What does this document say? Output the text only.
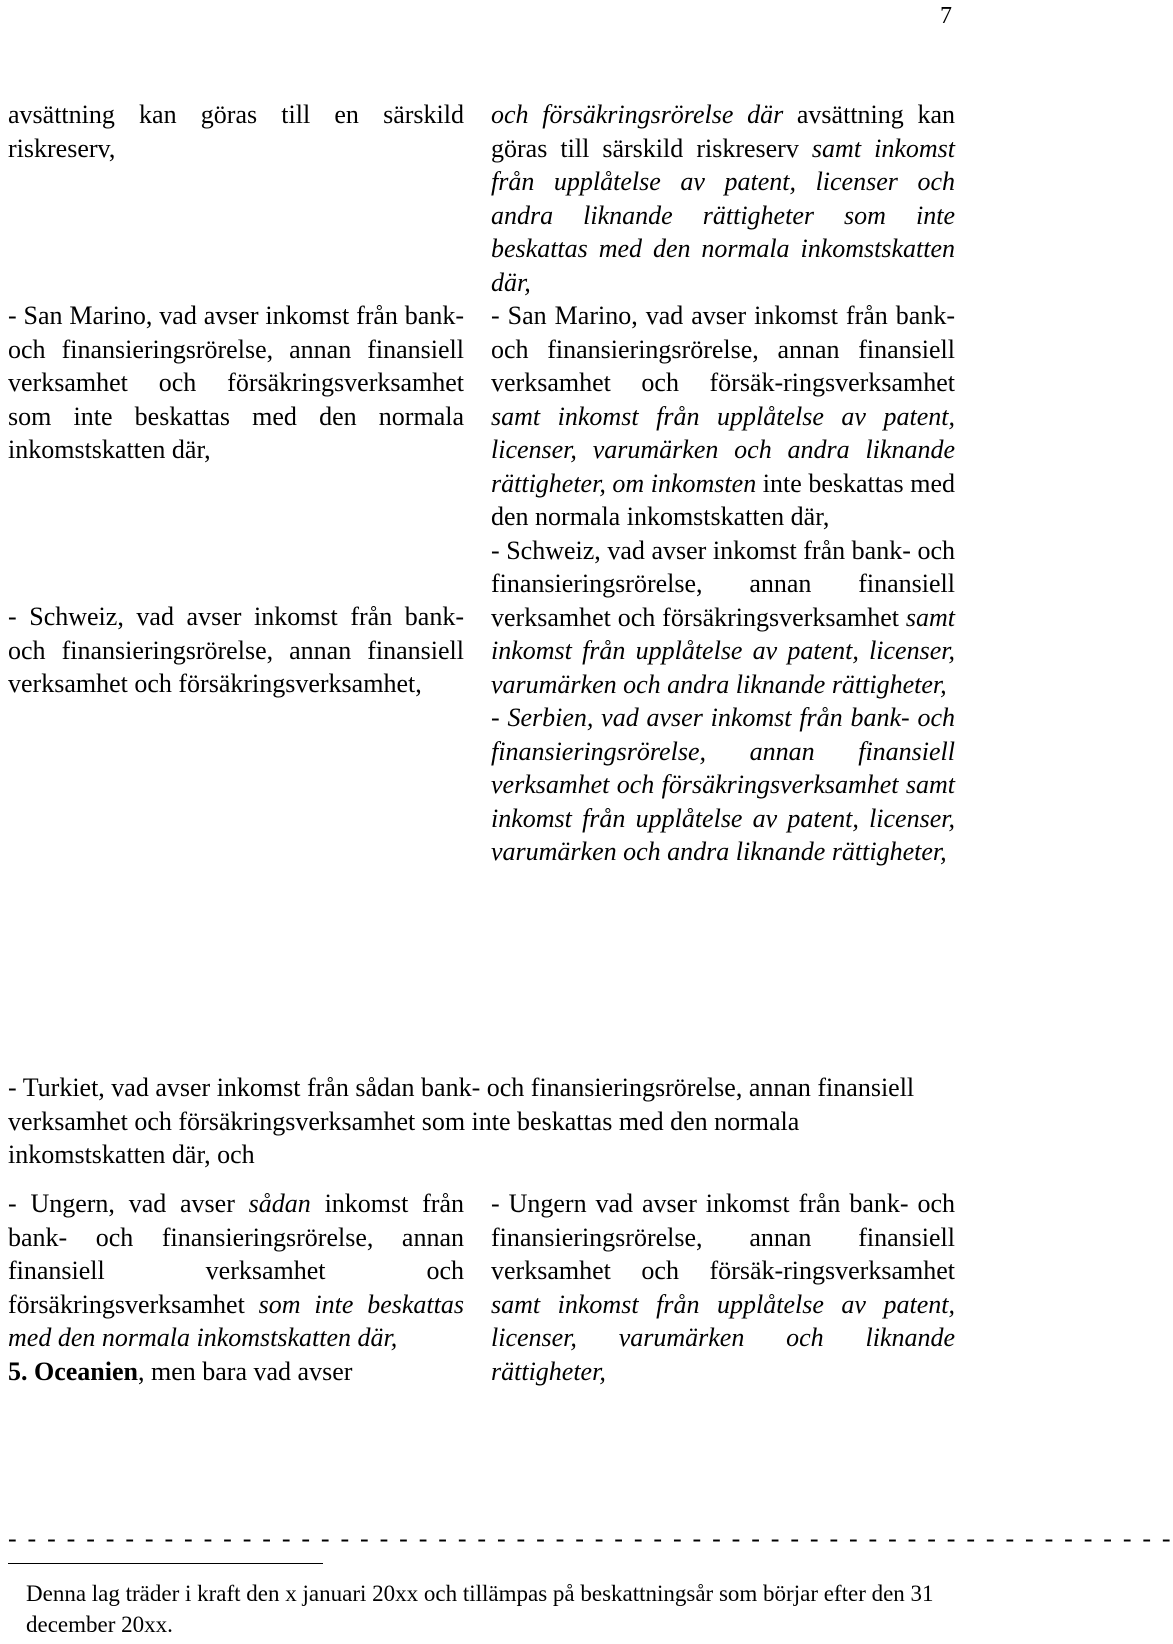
7

avsättning kan göras till en särskild riskreserv,

- San Marino, vad avser inkomst från bank- och finansieringsrörelse, annan finansiell verksamhet och försäkringsverksamhet som inte beskattas med den normala inkomstskatten där,

- Schweiz, vad avser inkomst från bank- och finansieringsrörelse, annan finansiell verksamhet och försäkringsverksamhet,

och försäkringsrörelse där avsättning kan göras till särskild riskreserv samt inkomst från upplåtelse av patent, licenser och andra liknande rättigheter som inte beskattas med den normala inkomstskatten där,

- San Marino, vad avser inkomst från bank- och finansieringsrörelse, annan finansiell verksamhet och försäk-ringsverksamhet samt inkomst från upplåtelse av patent, licenser, varumärken och andra liknande rättigheter, om inkomsten inte beskattas med den normala inkomstskatten där,

- Schweiz, vad avser inkomst från bank- och finansieringsrörelse, annan finansiell verksamhet och försäkringsverksamhet samt inkomst från upplåtelse av patent, licenser, varumärken och andra liknande rättigheter,

- Serbien, vad avser inkomst från bank- och finansieringsrörelse, annan finansiell verksamhet och försäkringsverksamhet samt inkomst från upplåtelse av patent, licenser, varumärken och andra liknande rättigheter,

- Turkiet, vad avser inkomst från sådan bank- och finansieringsrörelse, annan finansiell verksamhet och försäkringsverksamhet som inte beskattas med den normala inkomstskatten där, och

- Ungern, vad avser sådan inkomst från bank- och finansieringsrörelse, annan finansiell verksamhet och försäkringsverksamhet som inte beskattas med den normala inkomstskatten där,

5. Oceanien, men bara vad avser

- Ungern vad avser inkomst från bank- och finansieringsrörelse, annan finansiell verksamhet och försäk-ringsverksamhet samt inkomst från upplåtelse av patent, licenser, varumärken och liknande rättigheter,

- - - - - - - - - - - - - - - - - - - - - - - - - - - - - - - - - - - - - - - - - - - - - - - - - - - - - - - - - - - -

Denna lag träder i kraft den x januari 20xx och tillämpas på beskattningsår som börjar efter den 31 december 20xx.
